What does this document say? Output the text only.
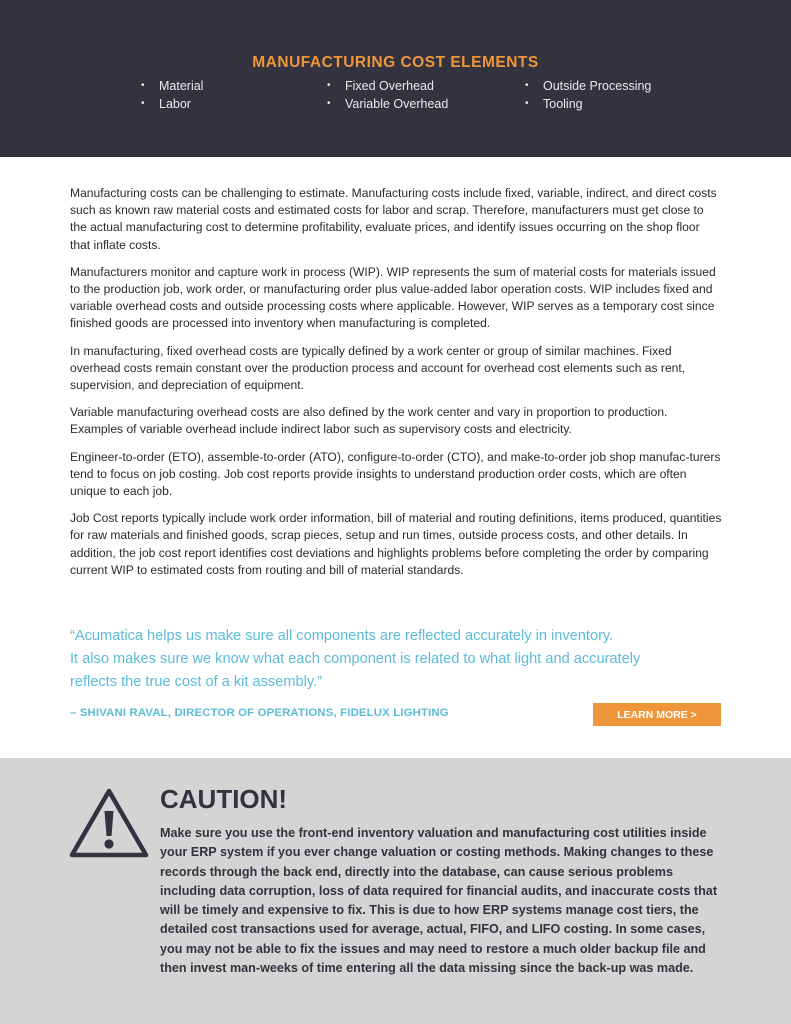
MANUFACTURING COST ELEMENTS
• Material
• Labor
• Fixed Overhead
• Variable Overhead
• Outside Processing
• Tooling

Manufacturing costs can be challenging to estimate. Manufacturing costs include fixed, variable, indirect, and direct costs such as known raw material costs and estimated costs for labor and scrap. Therefore, manufacturers must get close to the actual manufacturing cost to determine profitability, evaluate prices, and identify issues occurring on the shop floor that inflate costs.

Manufacturers monitor and capture work in process (WIP). WIP represents the sum of material costs for materials issued to the production job, work order, or manufacturing order plus value-added labor operation costs. WIP includes fixed and variable overhead costs and outside processing costs where applicable. However, WIP serves as a temporary cost since finished goods are processed into inventory when manufacturing is completed.

In manufacturing, fixed overhead costs are typically defined by a work center or group of similar machines. Fixed overhead costs remain constant over the production process and account for overhead cost elements such as rent, supervision, and depreciation of equipment.

Variable manufacturing overhead costs are also defined by the work center and vary in proportion to production. Examples of variable overhead include indirect labor such as supervisory costs and electricity.

Engineer-to-order (ETO), assemble-to-order (ATO), configure-to-order (CTO), and make-to-order job shop manufac-turers tend to focus on job costing. Job cost reports provide insights to understand production order costs, which are often unique to each job.

Job Cost reports typically include work order information, bill of material and routing definitions, items produced, quantities for raw materials and finished goods, scrap pieces, setup and run times, outside process costs, and other details. In addition, the job cost report identifies cost deviations and highlights problems before completing the order by comparing current WIP to estimated costs from routing and bill of material standards.

“Acumatica helps us make sure all components are reflected accurately in inventory.
It also makes sure we know what each component is related to what light and accurately
reflects the true cost of a kit assembly.”
– SHIVANI RAVAL, DIRECTOR OF OPERATIONS, FIDELUX LIGHTING	LEARN MORE >
CAUTION!

Make sure you use the front-end inventory valuation and manufacturing cost utilities inside your ERP system if you ever change valuation or costing methods. Making changes to these records through the back end, directly into the database, can cause serious problems including data corruption, loss of data required for financial audits, and inaccurate costs that will be timely and expensive to fix. This is due to how ERP systems manage cost tiers, the detailed cost transactions used for average, actual, FIFO, and LIFO costing. In some cases, you may not be able to fix the issues and may need to restore a much older backup file and then invest man-weeks of time entering all the data missing since the back-up was made.
